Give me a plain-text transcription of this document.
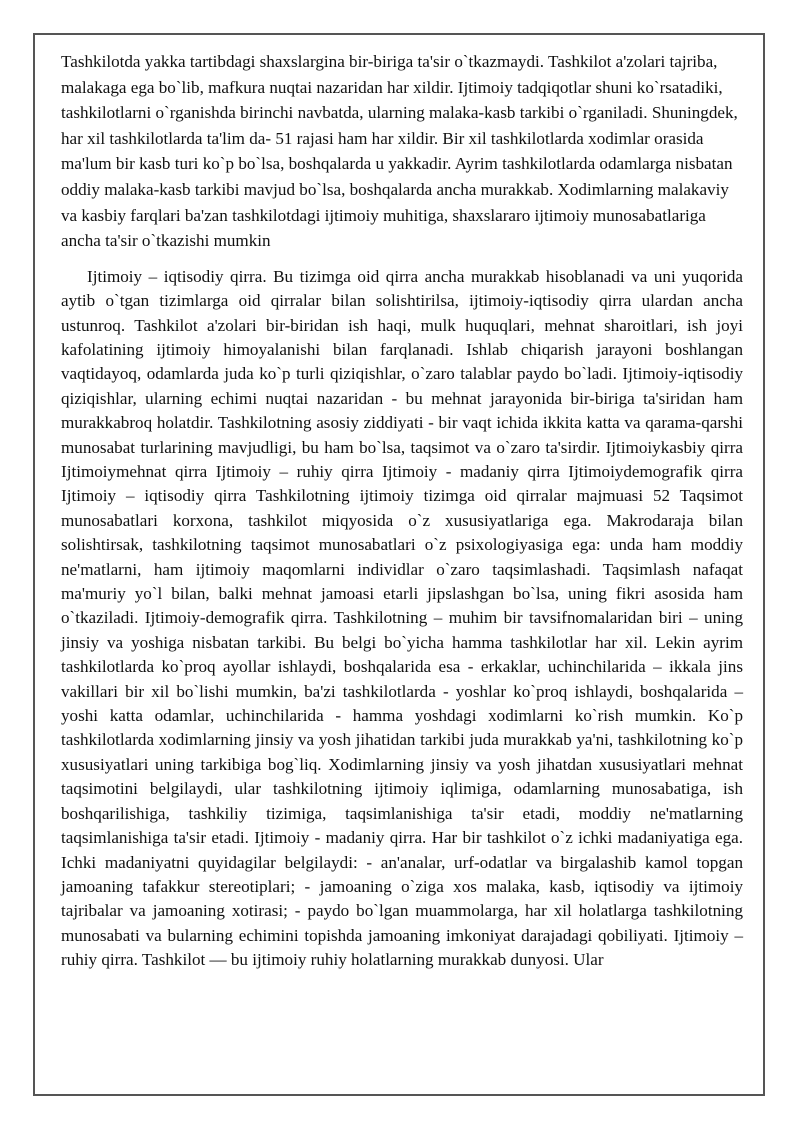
Tashkilotda yakka tartibdagi shaxslargina bir-biriga ta'sir o`tkazmaydi. Tashkilot a'zolari tajriba, malakaga ega bo`lib, mafkura nuqtai nazaridan har xildir. Ijtimoiy tadqiqotlar shuni ko`rsatadiki, tashkilotlarni o`rganishda birinchi navbatda, ularning malaka-kasb tarkibi o`rganiladi. Shuningdek, har xil tashkilotlarda ta'lim da- 51 rajasi ham har xildir. Bir xil tashkilotlarda xodimlar orasida ma'lum bir kasb turi ko`p bo`lsa, boshqalarda u yakkadir. Ayrim tashkilotlarda odamlarga nisbatan oddiy malaka-kasb tarkibi mavjud bo`lsa, boshqalarda ancha murakkab. Xodimlarning malakaviy va kasbiy farqlari ba'zan tashkilotdagi ijtimoiy muhitiga, shaxslararo ijtimoiy munosabatlariga ancha ta'sir o`tkazishi mumkin

Ijtimoiy – iqtisodiy qirra. Bu tizimga oid qirra ancha murakkab hisoblanadi va uni yuqorida aytib o`tgan tizimlarga oid qirralar bilan solishtirilsa, ijtimoiy-iqtisodiy qirra ulardan ancha ustunroq. Tashkilot a'zolari bir-biridan ish haqi, mulk huquqlari, mehnat sharoitlari, ish joyi kafolatining ijtimoiy himoyalanishi bilan farqlanadi. Ishlab chiqarish jarayoni boshlangan vaqtidayoq, odamlarda juda ko`p turli qiziqishlar, o`zaro talablar paydo bo`ladi. Ijtimoiy-iqtisodiy qiziqishlar, ularning echimi nuqtai nazaridan - bu mehnat jarayonida bir-biriga ta'siridan ham murakkabroq holatdir. Tashkilotning asosiy ziddiyati - bir vaqt ichida ikkita katta va qarama-qarshi munosabat turlarining mavjudligi, bu ham bo`lsa, taqsimot va o`zaro ta'sirdir. Ijtimoiykasbiy qirra Ijtimoiymehnat qirra Ijtimoiy – ruhiy qirra Ijtimoiy - madaniy qirra Ijtimoiydemografik qirra Ijtimoiy – iqtisodiy qirra Tashkilotning ijtimoiy tizimga oid qirralar majmuasi 52 Taqsimot munosabatlari korxona, tashkilot miqyosida o`z xususiyatlariga ega. Makrodaraja bilan solishtirsak, tashkilotning taqsimot munosabatlari o`z psixologiyasiga ega: unda ham moddiy ne'matlarni, ham ijtimoiy maqomlarni individlar o`zaro taqsimlashadi. Taqsimlash nafaqat ma'muriy yo`l bilan, balki mehnat jamoasi etarli jipslashgan bo`lsa, uning fikri asosida ham o`tkaziladi. Ijtimoiy-demografik qirra. Tashkilotning – muhim bir tavsifnomalaridan biri – uning jinsiy va yoshiga nisbatan tarkibi. Bu belgi bo`yicha hamma tashkilotlar har xil. Lekin ayrim tashkilotlarda ko`proq ayollar ishlaydi, boshqalarida esa - erkaklar, uchinchilarida – ikkala jins vakillari bir xil bo`lishi mumkin, ba'zi tashkilotlarda - yoshlar ko`proq ishlaydi, boshqalarida – yoshi katta odamlar, uchinchilarida - hamma yoshdagi xodimlarni ko`rish mumkin. Ko`p tashkilotlarda xodimlarning jinsiy va yosh jihatidan tarkibi juda murakkab ya'ni, tashkilotning ko`p xususiyatlari uning tarkibiga bog`liq. Xodimlarning jinsiy va yosh jihatdan xususiyatlari mehnat taqsimotini belgilaydi, ular tashkilotning ijtimoiy iqlimiga, odamlarning munosabatiga, ish boshqarilishiga, tashkiliy tizimiga, taqsimlanishiga ta'sir etadi, moddiy ne'matlarning taqsimlanishiga ta'sir etadi. Ijtimoiy - madaniy qirra. Har bir tashkilot o`z ichki madaniyatiga ega. Ichki madaniyatni quyidagilar belgilaydi: - an'analar, urf-odatlar va birgalashib kamol topgan jamoaning tafakkur stereotiplari; - jamoaning o`ziga xos malaka, kasb, iqtisodiy va ijtimoiy tajribalar va jamoaning xotirasi; - paydo bo`lgan muammolarga, har xil holatlarga tashkilotning munosabati va bularning echimini topishda jamoaning imkoniyat darajadagi qobiliyati. Ijtimoiy – ruhiy qirra. Tashkilot — bu ijtimoiy ruhiy holatlarning murakkab dunyosi. Ular
